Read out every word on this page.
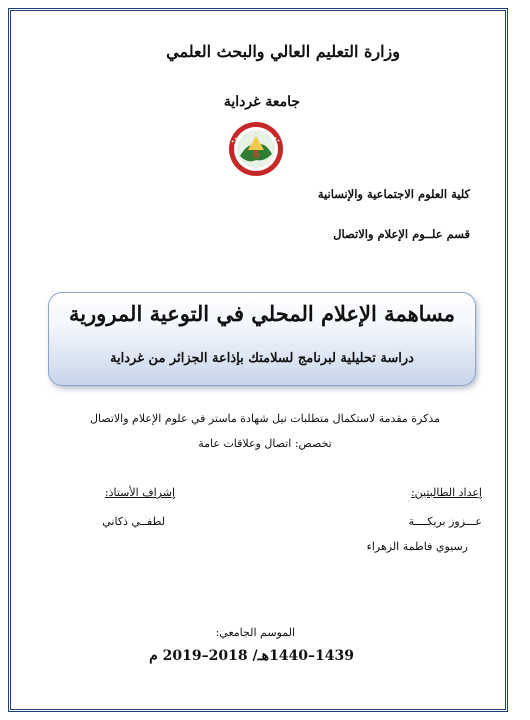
وزارة التعليم العالي والبحث العلمي
جامعة غرداية
كلية العلوم الاجتماعية والإنسانية
قسم علــوم الإعلام والاتصال
مساهمة الإعلام المحلي في التوعية المرورية
دراسة تحليلية لبرنامج لسلامتك بإذاعة الجزائر من غرداية
مذكرة مقدمة لاستكمال متطلبات نيل شهادة ماستر في علوم الإعلام والاتصال
تخصص: اتصال وعلاقات عامة
إعداد الطالبتين:
إشراف الأستاذ:
عـــزوز بريكــــة
رسيوي فاطمة الزهراء
لطفــي ذكاني
الموسم الجامعي:
1439–1440هـ/ 2018–2019 م
